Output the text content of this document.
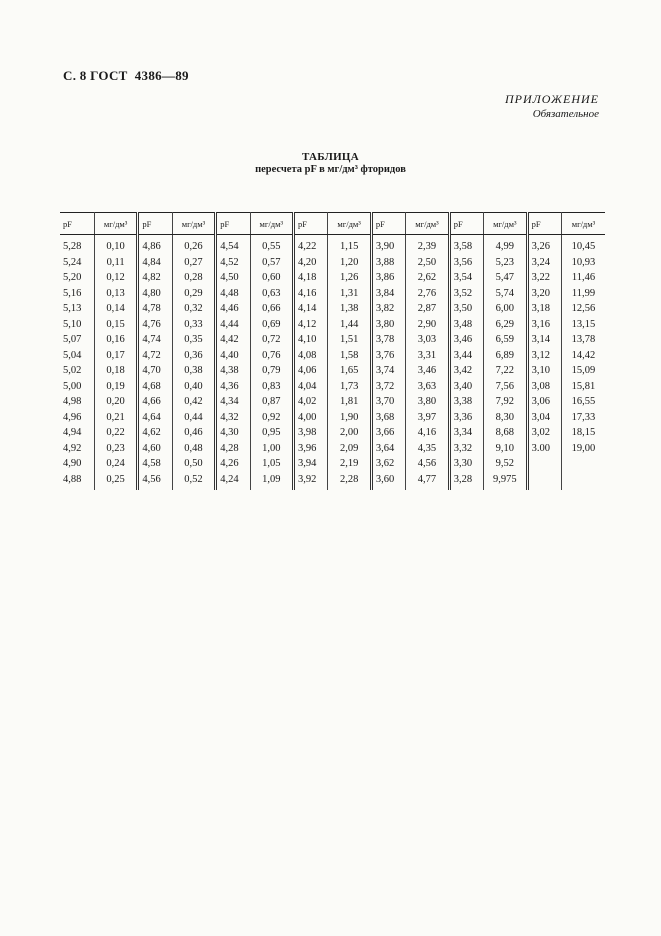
С. 8 ГОСТ  4386—89
ПРИЛОЖЕНИЕ
Обязательное
ТАБЛИЦА
пересчета pF в мг/дм³ фторидов
pF	мг/дм³	pF	мг/дм³	pF	мг/дм³	pF	мг/дм³	pF	мг/дм³	pF	мг/дм³	pF	мг/дм³

5,28	0,10	4,86	0,26	4,54	0,55	4,22	1,15	3,90	2,39	3,58	4,99	3,26	10,45
5,24	0,11	4,84	0,27	4,52	0,57	4,20	1,20	3,88	2,50	3,56	5,23	3,24	10,93
5,20	0,12	4,82	0,28	4,50	0,60	4,18	1,26	3,86	2,62	3,54	5,47	3,22	11,46
5,16	0,13	4,80	0,29	4,48	0,63	4,16	1,31	3,84	2,76	3,52	5,74	3,20	11,99
5,13	0,14	4,78	0,32	4,46	0,66	4,14	1,38	3,82	2,87	3,50	6,00	3,18	12,56
5,10	0,15	4,76	0,33	4,44	0,69	4,12	1,44	3,80	2,90	3,48	6,29	3,16	13,15
5,07	0,16	4,74	0,35	4,42	0,72	4,10	1,51	3,78	3,03	3,46	6,59	3,14	13,78
5,04	0,17	4,72	0,36	4,40	0,76	4,08	1,58	3,76	3,31	3,44	6,89	3,12	14,42
5,02	0,18	4,70	0,38	4,38	0,79	4,06	1,65	3,74	3,46	3,42	7,22	3,10	15,09
5,00	0,19	4,68	0,40	4,36	0,83	4,04	1,73	3,72	3,63	3,40	7,56	3,08	15,81
4,98	0,20	4,66	0,42	4,34	0,87	4,02	1,81	3,70	3,80	3,38	7,92	3,06	16,55
4,96	0,21	4,64	0,44	4,32	0,92	4,00	1,90	3,68	3,97	3,36	8,30	3,04	17,33
4,94	0,22	4,62	0,46	4,30	0,95	3,98	2,00	3,66	4,16	3,34	8,68	3,02	18,15
4,92	0,23	4,60	0,48	4,28	1,00	3,96	2,09	3,64	4,35	3,32	9,10	3.00	19,00
4,90	0,24	4,58	0,50	4,26	1,05	3,94	2,19	3,62	4,56	3,30	9,52		
4,88	0,25	4,56	0,52	4,24	1,09	3,92	2,28	3,60	4,77	3,28	9,975		
